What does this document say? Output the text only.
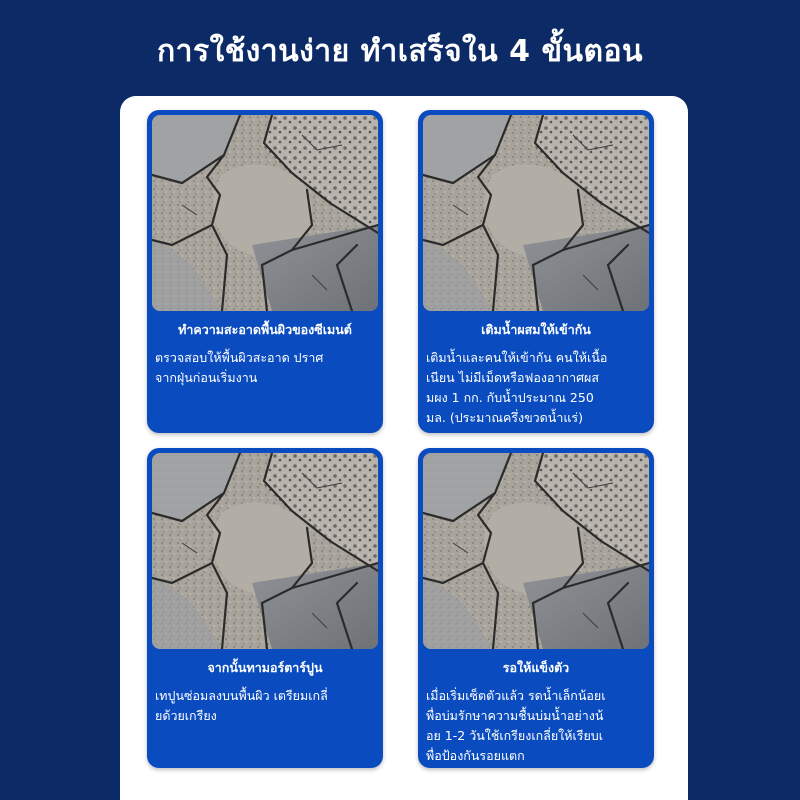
การใช้งานง่าย ทำเสร็จใน 4 ขั้นตอน
ทำความสะอาดพื้นผิวของซีเมนต์
ตรวจสอบให้พื้นผิวสะอาด ปราศ
จากฝุ่นก่อนเริ่มงาน
เติมน้ำผสมให้เข้ากัน
เติมน้ำและคนให้เข้ากัน คนให้เนื้อ
เนียน ไม่มีเม็ดหรือฟองอากาศผส
มผง 1 กก. กับน้ำประมาณ 250
มล. (ประมาณครึ่งขวดน้ำแร่)
จากนั้นทามอร์ตาร์ปูน
เทปูนซ่อมลงบนพื้นผิว เตรียมเกลี่
ยด้วยเกรียง
รอให้แข็งตัว
เมื่อเริ่มเซ็ตตัวแล้ว รดน้ำเล็กน้อยเ
พื่อบ่มรักษาความชื้นบ่มน้ำอย่างน้
อย 1-2 วันใช้เกรียงเกลี่ยให้เรียบเ
พื่อป้องกันรอยแตก
